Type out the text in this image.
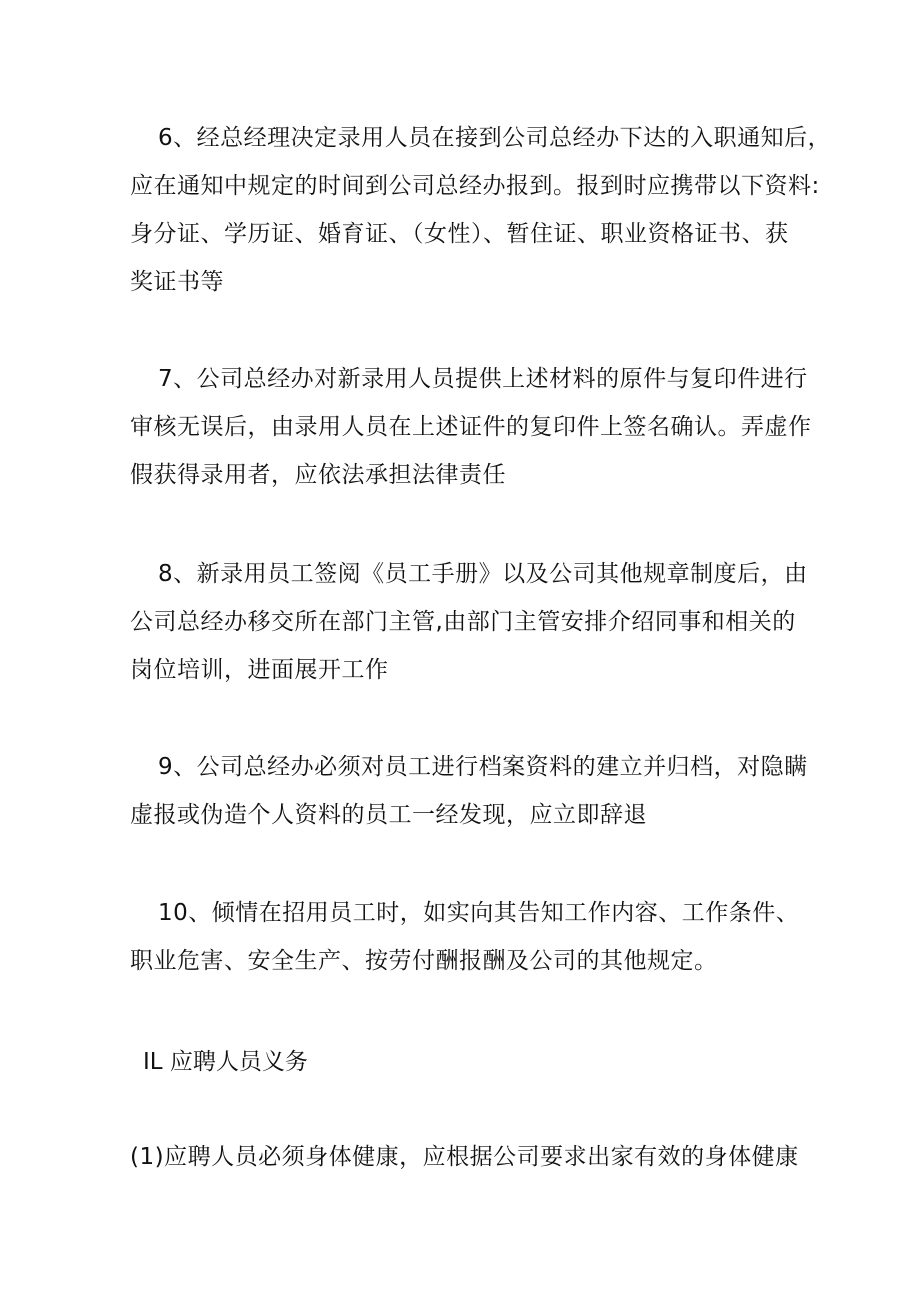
6、经总经理决定录用人员在接到公司总经办下达的入职通知后，
应在通知中规定的时间到公司总经办报到。报到时应携带以下资料:
身分证、学历证、婚育证、（女性）、暂住证、职业资格证书、获
奖证书等
7、公司总经办对新录用人员提供上述材料的原件与复印件进行
审核无误后，由录用人员在上述证件的复印件上签名确认。弄虚作
假获得录用者，应依法承担法律责任
8、新录用员工签阅《员工手册》以及公司其他规章制度后，由
公司总经办移交所在部门主管,由部门主管安排介绍同事和相关的
岗位培训，进面展开工作
9、公司总经办必须对员工进行档案资料的建立并归档，对隐瞒
虚报或伪造个人资料的员工一经发现，应立即辞退
10、倾情在招用员工时，如实向其告知工作内容、工作条件、
职业危害、安全生产、按劳付酬报酬及公司的其他规定。
IL 应聘人员义务
(1)应聘人员必须身体健康，应根据公司要求出家有效的身体健康
